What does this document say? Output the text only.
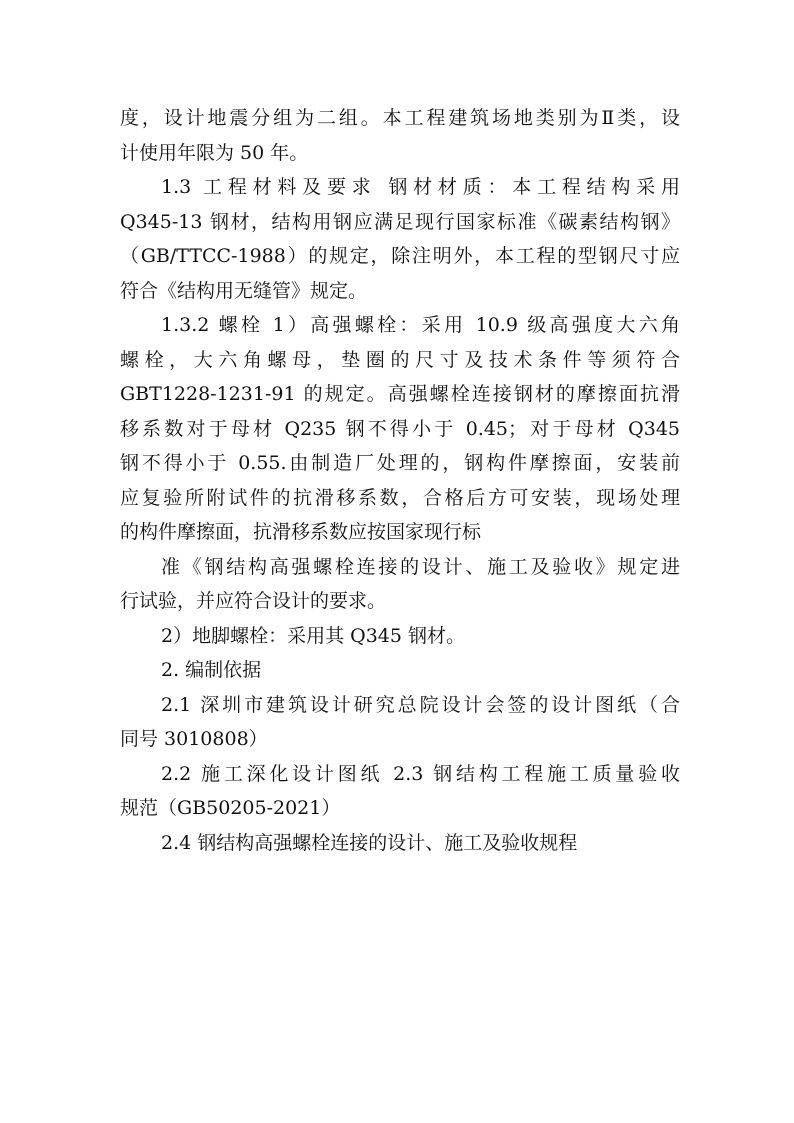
度，设计地震分组为二组。本工程建筑场地类别为Ⅱ类，设
计使用年限为 50 年。
1.3 工程材料及要求 钢材材质：本工程结构采用
Q345-13 钢材，结构用钢应满足现行国家标准《碳素结构钢》
（GB/TTCC-1988）的规定，除注明外，本工程的型钢尺寸应
符合《结构用无缝管》规定。
1.3.2 螺栓 1）高强螺栓：采用 10.9 级高强度大六角
螺栓，大六角螺母，垫圈的尺寸及技术条件等须符合
GBT1228-1231-91 的规定。高强螺栓连接钢材的摩擦面抗滑
移系数对于母材 Q235 钢不得小于 0.45；对于母材 Q345
钢不得小于 0.55.由制造厂处理的，钢构件摩擦面，安装前
应复验所附试件的抗滑移系数，合格后方可安装，现场处理
的构件摩擦面，抗滑移系数应按国家现行标
准《钢结构高强螺栓连接的设计、施工及验收》规定进
行试验，并应符合设计的要求。
2）地脚螺栓：采用其 Q345 钢材。
2. 编制依据
2.1 深圳市建筑设计研究总院设计会签的设计图纸（合
同号 3010808）
2.2 施工深化设计图纸 2.3 钢结构工程施工质量验收
规范（GB50205-2021）
2.4 钢结构高强螺栓连接的设计、施工及验收规程
